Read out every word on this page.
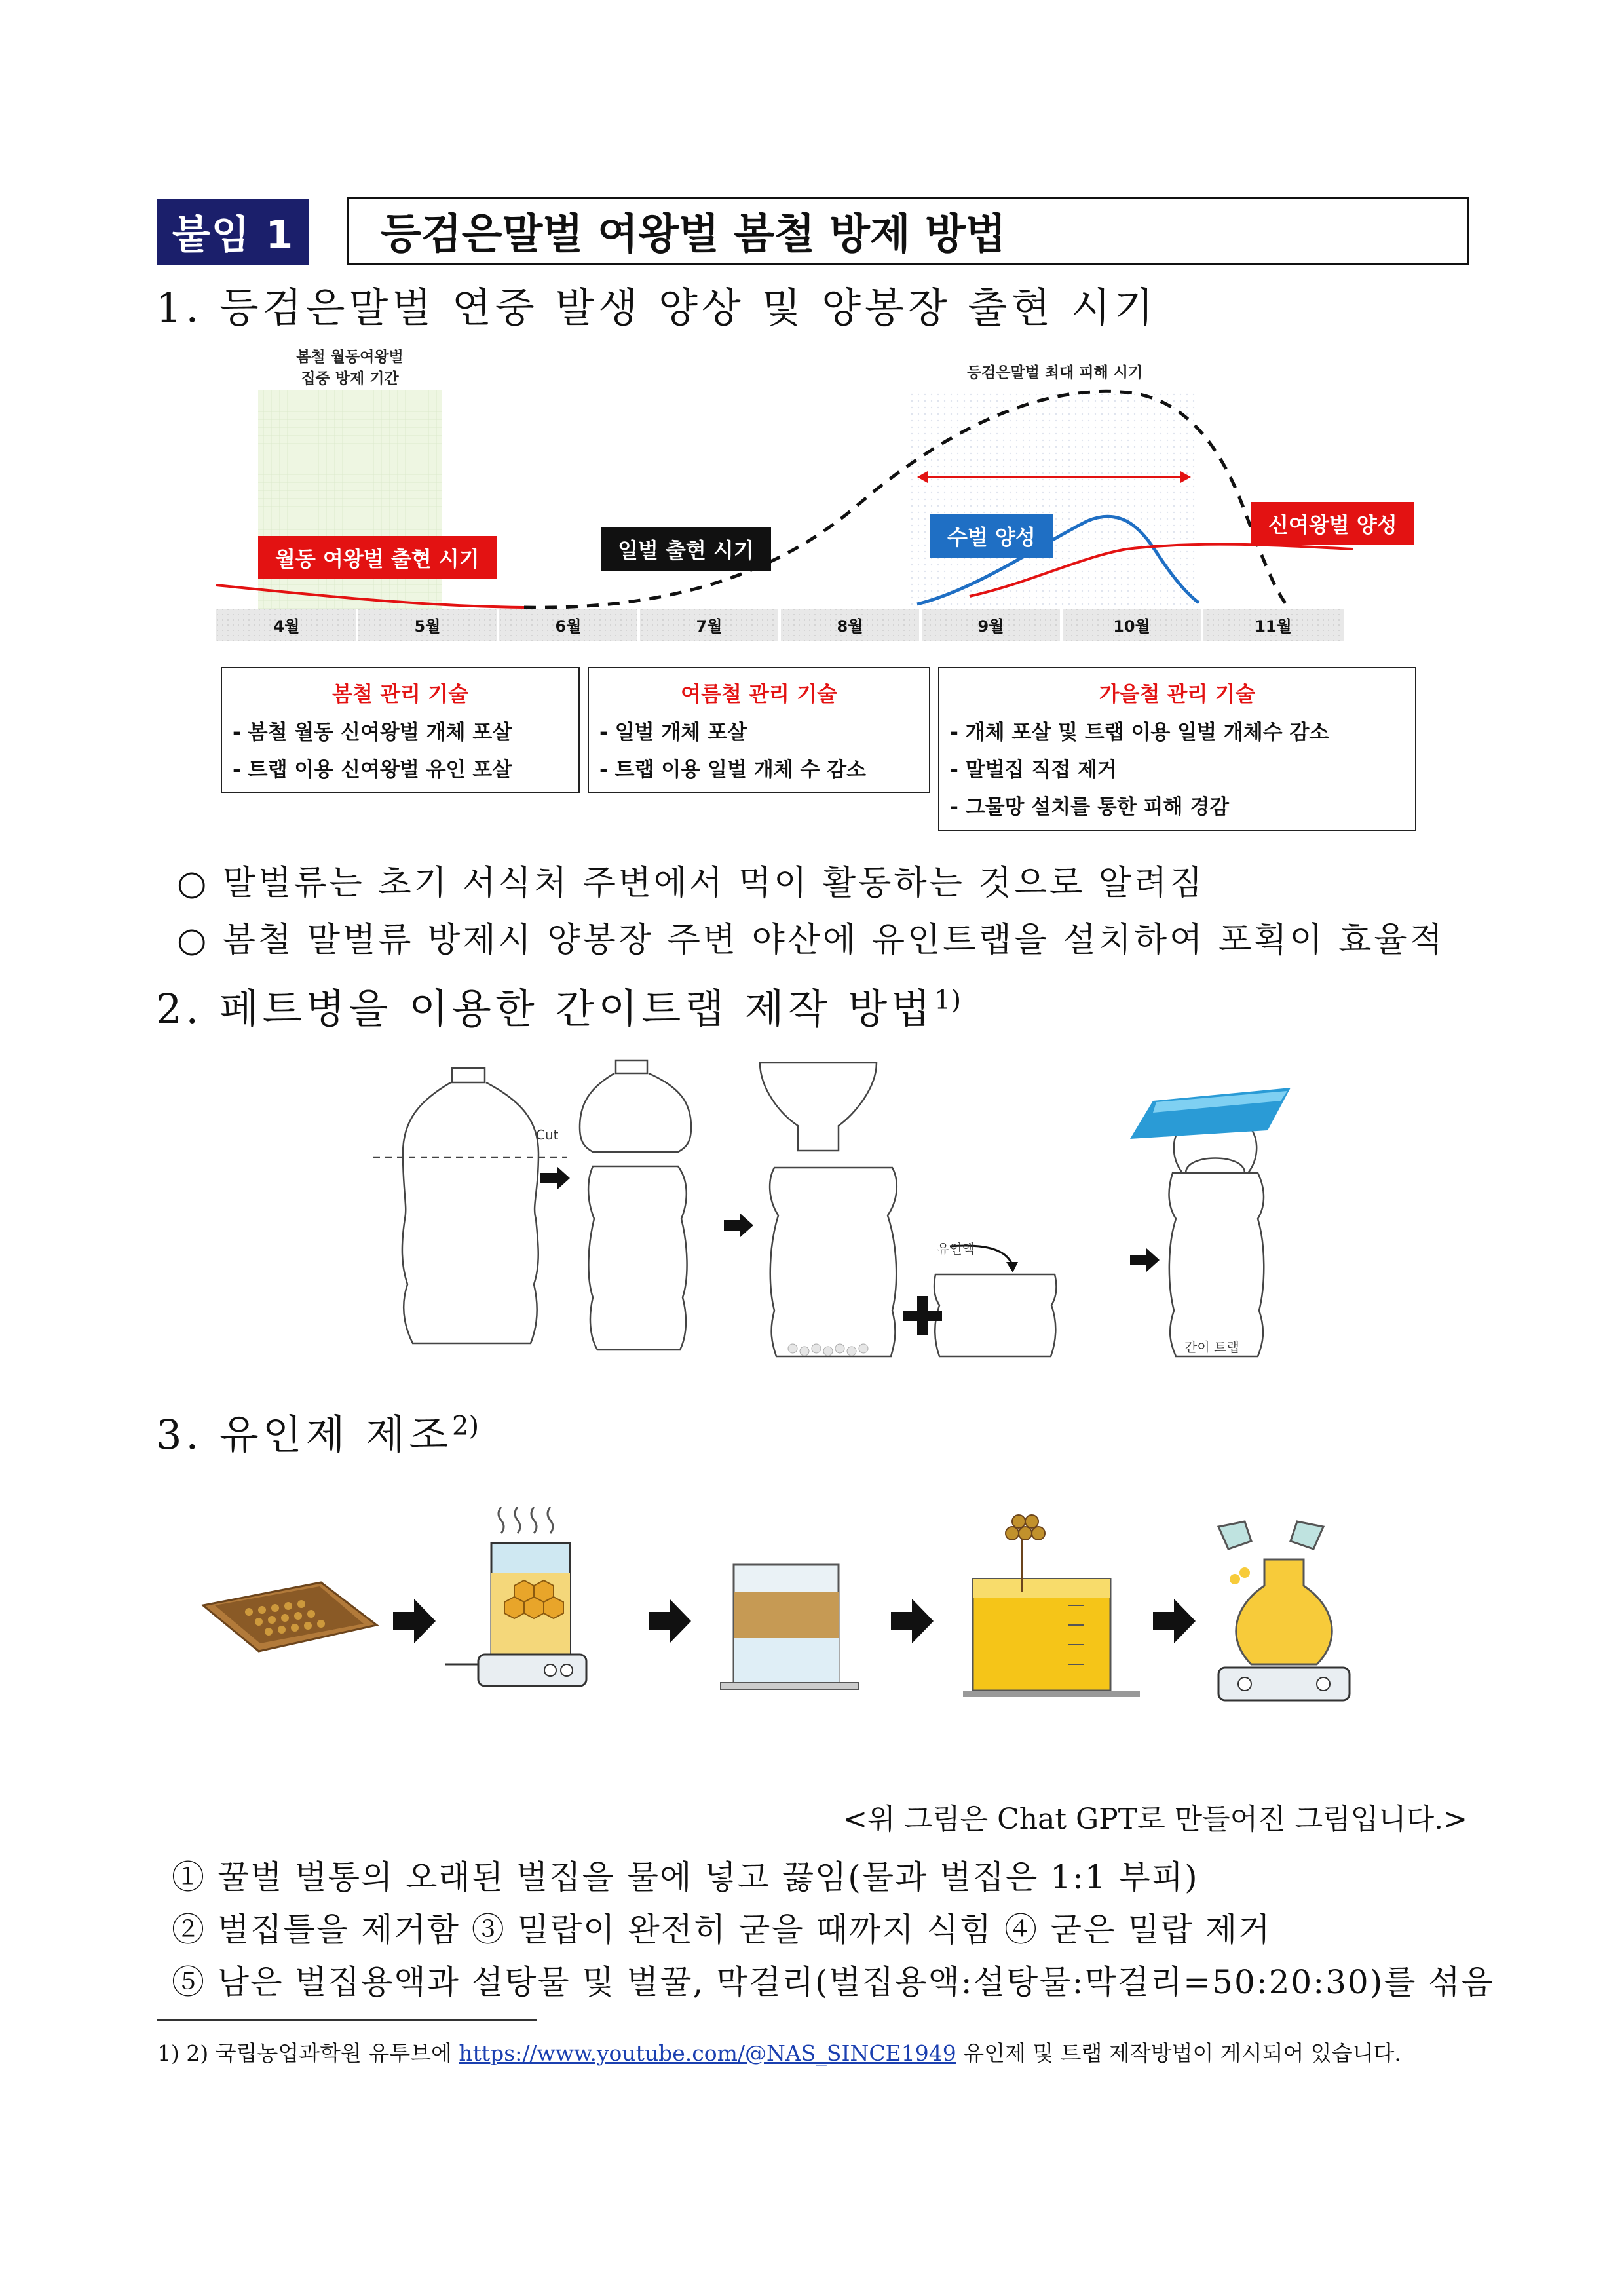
붙임 1	등검은말벌 여왕벌 봄철 방제 방법
1. 등검은말벌 연중 발생 양상 및 양봉장 출현 시기
4월	5월	6월	7월	8월	9월	10월	11월
봄철 월동여왕벌
집중 방제 기간	등검은말벌 최대 피해 시기
월동 여왕벌 출현 시기	일벌 출현 시기
수벌 양성	신여왕벌 양성
봄철 관리 기술
- 봄철 월동 신여왕벌 개체 포살
- 트랩 이용 신여왕벌 유인 포살
여름철 관리 기술
- 일벌 개체 포살
- 트랩 이용 일벌 개체 수 감소
가을철 관리 기술
- 개체 포살 및 트랩 이용 일벌 개체수 감소
- 말벌집 직접 제거
- 그물망 설치를 통한 피해 경감
○ 말벌류는 초기 서식처 주변에서 먹이 활동하는 것으로 알려짐
○ 봄철 말벌류 방제시 양봉장 주변 야산에 유인트랩을 설치하여 포획이 효율적
2. 페트병을 이용한 간이트랩 제작 방법$^{1)}$
Cut
유인액
간이 트랩
3. 유인제 제조$^{2)}$
<위 그림은 Chat GPT로 만들어진 그림입니다.>
① 꿀벌 벌통의 오래된 벌집을 물에 넣고 끓임(물과 벌집은 1:1 부피)
② 벌집틀을 제거함 ③ 밀랍이 완전히 굳을 때까지 식힘 ④ 굳은 밀랍 제거
⑤ 남은 벌집용액과 설탕물 및 벌꿀, 막걸리(벌집용액:설탕물:막걸리=50:20:30)를 섞음
1) 2) 국립농업과학원 유투브에 https://www.youtube.com/@NAS_SINCE1949 유인제 및 트랩 제작방법이 게시되어 있습니다.
